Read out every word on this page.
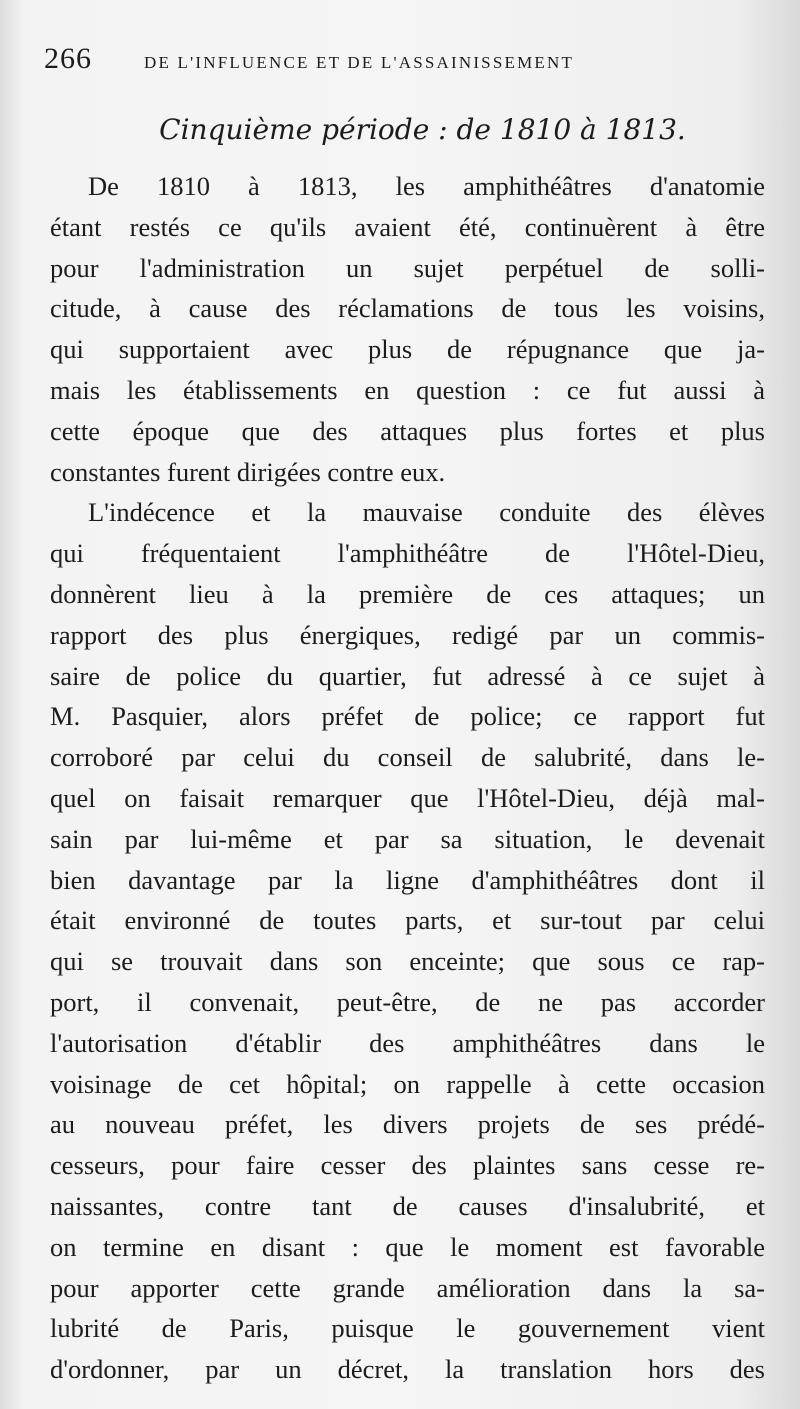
266	DE L'INFLUENCE ET DE L'ASSAINISSEMENT
Cinquième période : de 1810 à 1813.
De 1810 à 1813, les amphithéâtres d'anatomie
étant restés ce qu'ils avaient été, continuèrent à être
pour l'administration un sujet perpétuel de solli-
citude, à cause des réclamations de tous les voisins,
qui supportaient avec plus de répugnance que ja-
mais les établissements en question : ce fut aussi à
cette époque que des attaques plus fortes et plus
constantes furent dirigées contre eux.
L'indécence et la mauvaise conduite des élèves
qui fréquentaient l'amphithéâtre de l'Hôtel-Dieu,
donnèrent lieu à la première de ces attaques; un
rapport des plus énergiques, redigé par un commis-
saire de police du quartier, fut adressé à ce sujet à
M. Pasquier, alors préfet de police; ce rapport fut
corroboré par celui du conseil de salubrité, dans le-
quel on faisait remarquer que l'Hôtel-Dieu, déjà mal-
sain par lui-même et par sa situation, le devenait
bien davantage par la ligne d'amphithéâtres dont il
était environné de toutes parts, et sur-tout par celui
qui se trouvait dans son enceinte; que sous ce rap-
port, il convenait, peut-être, de ne pas accorder
l'autorisation d'établir des amphithéâtres dans le
voisinage de cet hôpital; on rappelle à cette occasion
au nouveau préfet, les divers projets de ses prédé-
cesseurs, pour faire cesser des plaintes sans cesse re-
naissantes, contre tant de causes d'insalubrité, et
on termine en disant : que le moment est favorable
pour apporter cette grande amélioration dans la sa-
lubrité de Paris, puisque le gouvernement vient
d'ordonner, par un décret, la translation hors des
